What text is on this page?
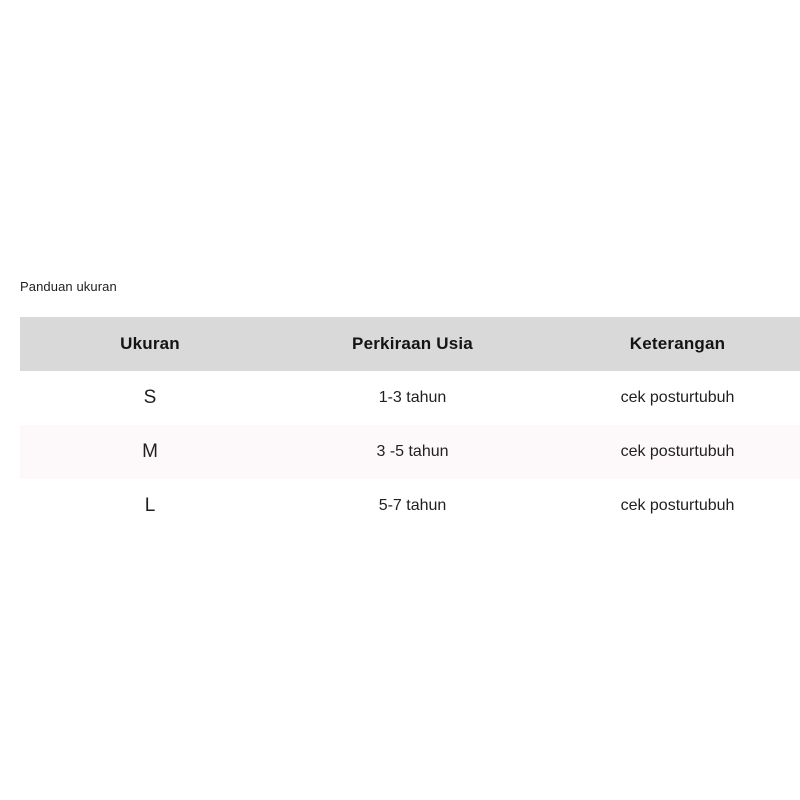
Panduan ukuran
Ukuran	Perkiraan Usia	Keterangan
S	1-3 tahun	cek posturtubuh
M	3 -5 tahun	cek posturtubuh
L	5-7 tahun	cek posturtubuh
